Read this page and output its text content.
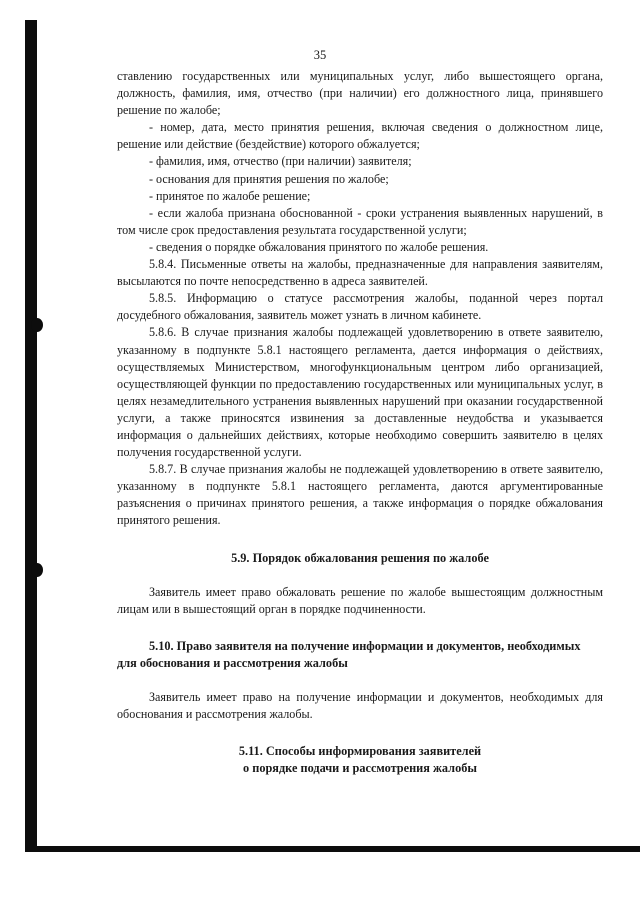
35

ставлению государственных или муниципальных услуг, либо вышестоящего органа, должность, фамилия, имя, отчество (при наличии) его должностного лица, принявшего решение по жалобе;

- номер, дата, место принятия решения, включая сведения о должностном лице, решение или действие (бездействие) которого обжалуется;

- фамилия, имя, отчество (при наличии) заявителя;

- основания для принятия решения по жалобе;

- принятое по жалобе решение;

- если жалоба признана обоснованной - сроки устранения выявленных нарушений, в том числе срок предоставления результата государственной услуги;

- сведения о порядке обжалования принятого по жалобе решения.

5.8.4. Письменные ответы на жалобы, предназначенные для направления заявителям, высылаются по почте непосредственно в адреса заявителей.

5.8.5. Информацию о статусе рассмотрения жалобы, поданной через портал досудебного обжалования, заявитель может узнать в личном кабинете.

5.8.6. В случае признания жалобы подлежащей удовлетворению в ответе заявителю, указанному в подпункте 5.8.1 настоящего регламента, дается информация о действиях, осуществляемых Министерством, многофункциональным центром либо организацией, осуществляющей функции по предоставлению государственных или муниципальных услуг, в целях незамедлительного устранения выявленных нарушений при оказании государственной услуги, а также приносятся извинения за доставленные неудобства и указывается информация о дальнейших действиях, которые необходимо совершить заявителю в целях получения государственной услуги.

5.8.7. В случае признания жалобы не подлежащей удовлетворению в ответе заявителю, указанному в подпункте 5.8.1 настоящего регламента, даются аргументированные разъяснения о причинах принятого решения, а также информация о порядке обжалования принятого решения.

5.9. Порядок обжалования решения по жалобе

Заявитель имеет право обжаловать решение по жалобе вышестоящим должностным лицам или в вышестоящий орган в порядке подчиненности.

5.10. Право заявителя на получение информации и документов, необходимых для обоснования и рассмотрения жалобы

Заявитель имеет право на получение информации и документов, необходимых для обоснования и рассмотрения жалобы.

5.11. Способы информирования заявителей
о порядке подачи и рассмотрения жалобы
